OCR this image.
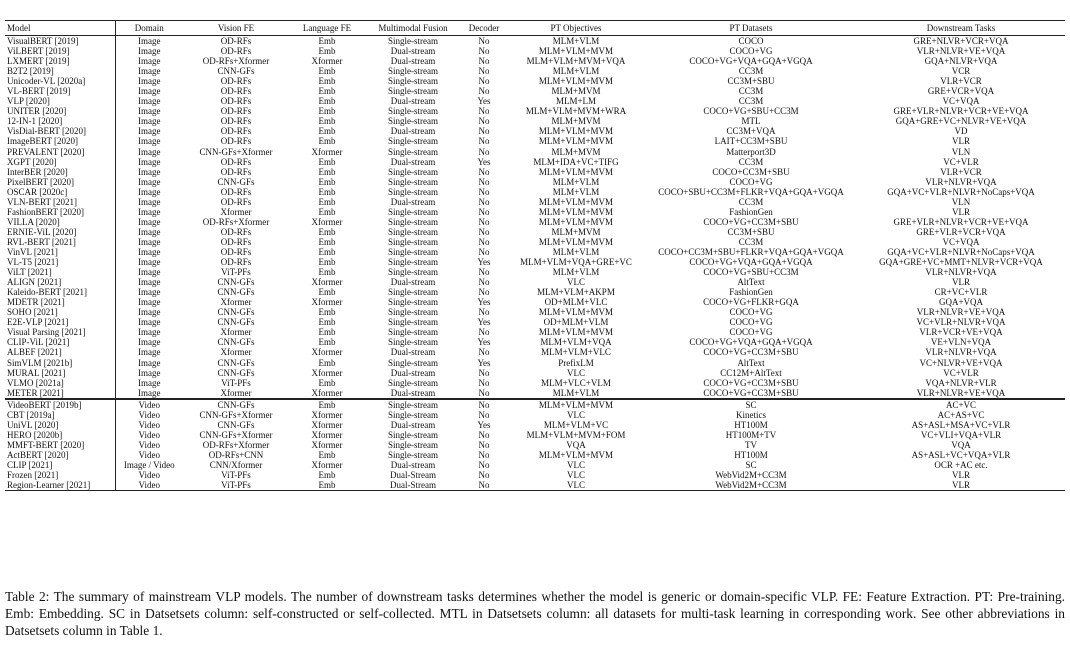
Model	Domain	Vision FE	Language FE	Multimodal Fusion	Decoder	PT Objectives	PT Datasets	Downstream Tasks
VisualBERT [2019]	Image	OD-RFs	Emb	Single-stream	No	MLM+VLM	COCO	GRE+NLVR+VCR+VQA
ViLBERT [2019]	Image	OD-RFs	Emb	Dual-stream	No	MLM+VLM+MVM	COCO+VG	VLR+NLVR+VE+VQA
LXMERT [2019]	Image	OD-RFs+Xformer	Xformer	Dual-stream	No	MLM+VLM+MVM+VQA	COCO+VG+VQA+GQA+VGQA	GQA+NLVR+VQA
B2T2 [2019]	Image	CNN-GFs	Emb	Single-stream	No	MLM+VLM	CC3M	VCR
Unicoder-VL [2020a]	Image	OD-RFs	Emb	Single-stream	No	MLM+VLM+MVM	CC3M+SBU	VLR+VCR
VL-BERT [2019]	Image	OD-RFs	Emb	Single-stream	No	MLM+MVM	CC3M	GRE+VCR+VQA
VLP [2020]	Image	OD-RFs	Emb	Dual-stream	Yes	MLM+LM	CC3M	VC+VQA
UNITER [2020]	Image	OD-RFs	Emb	Single-stream	No	MLM+VLM+MVM+WRA	COCO+VG+SBU+CC3M	GRE+VLR+NLVR+VCR+VE+VQA
12-IN-1 [2020]	Image	OD-RFs	Emb	Single-stream	No	MLM+MVM	MTL	GQA+GRE+VC+NLVR+VE+VQA
VisDial-BERT [2020]	Image	OD-RFs	Emb	Dual-stream	No	MLM+VLM+MVM	CC3M+VQA	VD
ImageBERT [2020]	Image	OD-RFs	Emb	Single-stream	No	MLM+VLM+MVM	LAIT+CC3M+SBU	VLR
PREVALENT [2020]	Image	CNN-GFs+Xformer	Xformer	Single-stream	No	MLM+MVM	Matterport3D	VLN
XGPT [2020]	Image	OD-RFs	Emb	Dual-stream	Yes	MLM+IDA+VC+TIFG	CC3M	VC+VLR
InterBER [2020]	Image	OD-RFs	Emb	Single-stream	No	MLM+VLM+MVM	COCO+CC3M+SBU	VLR+VCR
PixelBERT [2020]	Image	CNN-GFs	Emb	Single-stream	No	MLM+VLM	COCO+VG	VLR+NLVR+VQA
OSCAR [2020c]	Image	OD-RFs	Emb	Single-stream	No	MLM+VLM	COCO+SBU+CC3M+FLKR+VQA+GQA+VGQA	GQA+VC+VLR+NLVR+NoCaps+VQA
VLN-BERT [2021]	Image	OD-RFs	Emb	Dual-stream	No	MLM+VLM+MVM	CC3M	VLN
FashionBERT [2020]	Image	Xformer	Emb	Single-stream	No	MLM+VLM+MVM	FashionGen	VLR
VILLA [2020]	Image	OD-RFs+Xformer	Xformer	Single-stream	No	MLM+VLM+MVM	COCO+VG+CC3M+SBU	GRE+VLR+NLVR+VCR+VE+VQA
ERNIE-ViL [2020]	Image	OD-RFs	Emb	Single-stream	No	MLM+MVM	CC3M+SBU	GRE+VLR+VCR+VQA
RVL-BERT [2021]	Image	OD-RFs	Emb	Single-stream	No	MLM+VLM+MVM	CC3M	VC+VQA
VinVL [2021]	Image	OD-RFs	Emb	Single-stream	No	MLM+VLM	COCO+CC3M+SBU+FLKR+VQA+GQA+VGQA	GQA+VC+VLR+NLVR+NoCaps+VQA
VL-T5 [2021]	Image	OD-RFs	Emb	Single-stream	Yes	MLM+VLM+VQA+GRE+VC	COCO+VG+VQA+GQA+VGQA	GQA+GRE+VC+MMT+NLVR+VCR+VQA
ViLT [2021]	Image	ViT-PFs	Emb	Single-stream	No	MLM+VLM	COCO+VG+SBU+CC3M	VLR+NLVR+VQA
ALIGN [2021]	Image	CNN-GFs	Xformer	Dual-stream	No	VLC	AltText	VLR
Kaleido-BERT [2021]	Image	CNN-GFs	Emb	Single-stream	No	MLM+VLM+AKPM	FashionGen	CR+VC+VLR
MDETR [2021]	Image	Xformer	Xformer	Single-stream	Yes	OD+MLM+VLC	COCO+VG+FLKR+GQA	GQA+VQA
SOHO [2021]	Image	CNN-GFs	Emb	Single-stream	No	MLM+VLM+MVM	COCO+VG	VLR+NLVR+VE+VQA
E2E-VLP [2021]	Image	CNN-GFs	Emb	Single-stream	Yes	OD+MLM+VLM	COCO+VG	VC+VLR+NLVR+VQA
Visual Parsing [2021]	Image	Xformer	Emb	Single-stream	No	MLM+VLM+MVM	COCO+VG	VLR+VCR+VE+VQA
CLIP-ViL [2021]	Image	CNN-GFs	Emb	Single-stream	Yes	MLM+VLM+VQA	COCO+VG+VQA+GQA+VGQA	VE+VLN+VQA
ALBEF [2021]	Image	Xformer	Xformer	Dual-stream	No	MLM+VLM+VLC	COCO+VG+CC3M+SBU	VLR+NLVR+VQA
SimVLM [2021b]	Image	CNN-GFs	Emb	Single-stream	Yes	PrefixLM	AltText	VC+NLVR+VE+VQA
MURAL [2021]	Image	CNN-GFs	Xformer	Dual-stream	No	VLC	CC12M+AltText	VC+VLR
VLMO [2021a]	Image	ViT-PFs	Emb	Single-stream	No	MLM+VLC+VLM	COCO+VG+CC3M+SBU	VQA+NLVR+VLR
METER [2021]	Image	Xformer	Xformer	Dual-stream	No	MLM+VLM	COCO+VG+CC3M+SBU	VLR+NLVR+VE+VQA
VideoBERT [2019b]	Video	CNN-GFs	Emb	Single-stream	No	MLM+VLM+MVM	SC	AC+VC
CBT [2019a]	Video	CNN-GFs+Xformer	Xformer	Single-stream	No	VLC	Kinetics	AC+AS+VC
UniVL [2020]	Video	CNN-GFs	Xformer	Dual-stream	Yes	MLM+VLM+VC	HT100M	AS+ASL+MSA+VC+VLR
HERO [2020b]	Video	CNN-GFs+Xformer	Xformer	Single-stream	No	MLM+VLM+MVM+FOM	HT100M+TV	VC+VLI+VQA+VLR
MMFT-BERT [2020]	Video	OD-RFs+Xformer	Xformer	Single-stream	No	VQA	TV	VQA
ActBERT [2020]	Video	OD-RFs+CNN	Emb	Single-stream	No	MLM+VLM+MVM	HT100M	AS+ASL+VC+VQA+VLR
CLIP [2021]	Image / Video	CNN/Xformer	Xformer	Dual-stream	No	VLC	SC	OCR +AC etc.
Frozen [2021]	Video	ViT-PFs	Emb	Dual-Stream	No	VLC	WebVid2M+CC3M	VLR
Region-Learner [2021]	Video	ViT-PFs	Emb	Dual-Stream	No	VLC	WebVid2M+CC3M	VLR

Table 2: The summary of mainstream VLP models. The number of downstream tasks determines whether the model is generic or domain-specific VLP. FE: Feature Extraction. PT: Pre-training. Emb: Embedding. SC in Datsetsets column: self-constructed or self-collected. MTL in Datsetsets column: all datasets for multi-task learning in corresponding work. See other abbreviations in Datsetsets column in Table 1.
